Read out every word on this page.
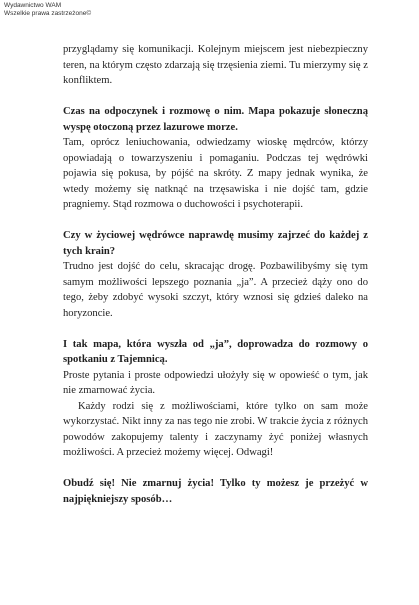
Wydawnictwo WAM
Wszelkie prawa zastrzeżone©

przyglądamy się komunikacji. Kolejnym miejscem jest niebezpieczny teren, na którym często zdarzają się trzęsienia ziemi. Tu mierzymy się z konfliktem.

Czas na odpoczynek i rozmowę o nim. Mapa pokazuje słoneczną wyspę otoczoną przez lazurowe morze.

Tam, oprócz leniuchowania, odwiedzamy wioskę mędrców, którzy opowiadają o towarzyszeniu i pomaganiu. Podczas tej wędrówki pojawia się pokusa, by pójść na skróty. Z mapy jednak wynika, że wtedy możemy się natknąć na trzęsawiska i nie dojść tam, gdzie pragniemy. Stąd rozmowa o duchowości i psychoterapii.

Czy w życiowej wędrówce naprawdę musimy zajrzeć do każdej z tych krain?

Trudno jest dojść do celu, skracając drogę. Pozbawilibyśmy się tym samym możliwości lepszego poznania „ja”. A przecież dąży ono do tego, żeby zdobyć wysoki szczyt, który wznosi się gdzieś daleko na horyzoncie.

I tak mapa, która wyszła od „ja”, doprowadza do rozmowy o spotkaniu z Tajemnicą.

Proste pytania i proste odpowiedzi ułożyły się w opowieść o tym, jak nie zmarnować życia.

Każdy rodzi się z możliwościami, które tylko on sam może wykorzystać. Nikt inny za nas tego nie zrobi. W trakcie życia z różnych powodów zakopujemy talenty i zaczynamy żyć poniżej własnych możliwości. A przecież możemy więcej. Odwagi!

Obudź się! Nie zmarnuj życia! Tylko ty możesz je przeżyć w najpiękniejszy sposób…
